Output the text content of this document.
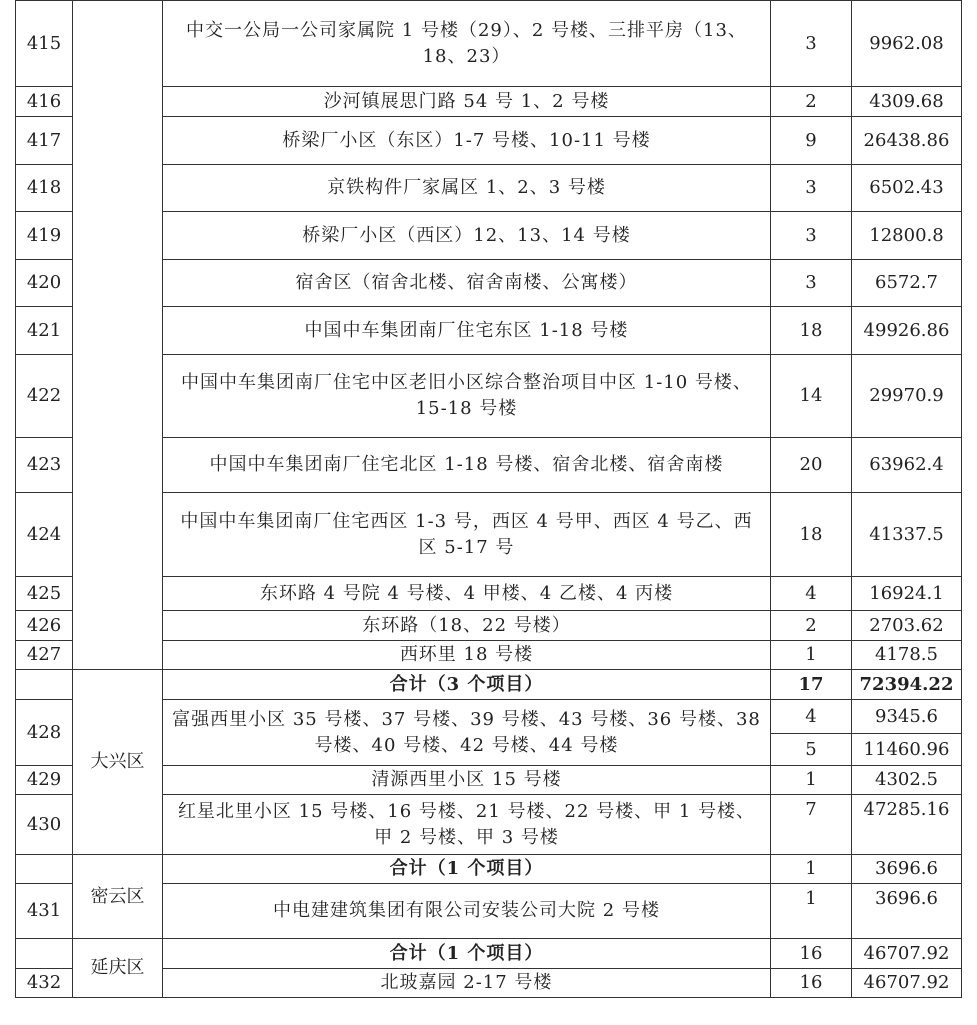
415		中交一公局一公司家属院 1 号楼（29）、2 号楼、三排平房（13、18、23）	3	9962.08
416		沙河镇展思门路 54 号 1、2 号楼	2	4309.68
417		桥梁厂小区（东区）1-7 号楼、10-11 号楼	9	26438.86
418		京铁构件厂家属区 1、2、3 号楼	3	6502.43
419		桥梁厂小区（西区）12、13、14 号楼	3	12800.8
420		宿舍区（宿舍北楼、宿舍南楼、公寓楼）	3	6572.7
421		中国中车集团南厂住宅东区 1-18 号楼	18	49926.86
422		中国中车集团南厂住宅中区老旧小区综合整治项目中区 1-10 号楼、15-18 号楼	14	29970.9
423		中国中车集团南厂住宅北区 1-18 号楼、宿舍北楼、宿舍南楼	20	63962.4
424		中国中车集团南厂住宅西区 1-3 号，西区 4 号甲、西区 4 号乙、西区 5-17 号	18	41337.5
425		东环路 4 号院 4 号楼、4 甲楼、4 乙楼、4 丙楼	4	16924.1
426		东环路（18、22 号楼）	2	2703.62
427		西环里 18 号楼	1	4178.5
	大兴区	合计（3 个项目）	17	72394.22
428		富强西里小区 35 号楼、37 号楼、39 号楼、43 号楼、36 号楼、38 号楼、40 号楼、42 号楼、44 号楼	4	9345.6
			5	11460.96
429		清源西里小区 15 号楼	1	4302.5
430		红星北里小区 15 号楼、16 号楼、21 号楼、22 号楼、甲 1 号楼、甲 2 号楼、甲 3 号楼	7	47285.16
	密云区	合计（1 个项目）	1	3696.6
431		中电建建筑集团有限公司安装公司大院 2 号楼	1	3696.6
	延庆区	合计（1 个项目）	16	46707.92
432		北玻嘉园 2-17 号楼	16	46707.92
